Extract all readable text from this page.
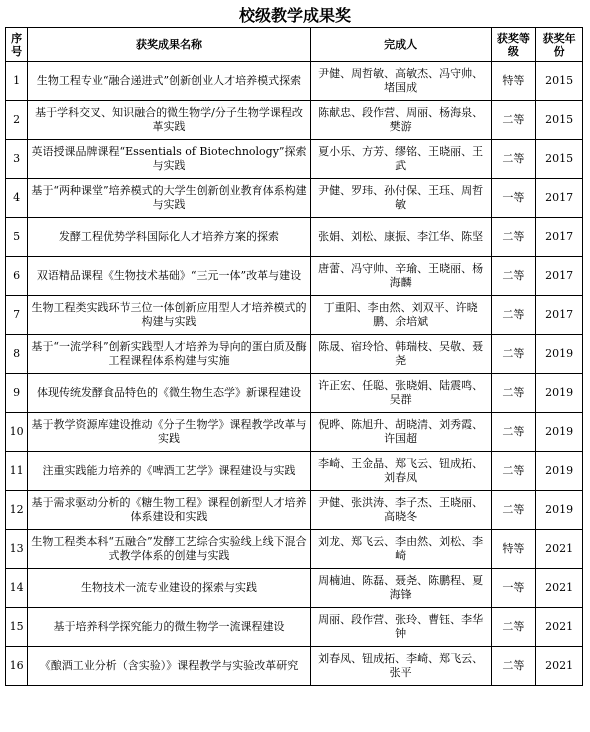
校级教学成果奖
序号	获奖成果名称	完成人	获奖等级	获奖年份
1	生物工程专业“融合递进式”创新创业人才培养模式探索	尹健、周哲敏、高敏杰、冯守帅、堵国成	特等	2015
2	基于学科交叉、知识融合的微生物学/分子生物学课程改革实践	陈献忠、段作营、周丽、杨海泉、樊游	二等	2015
3	英语授课品牌课程“Essentials of Biotechnology”探索与实践	夏小乐、方芳、缪铭、王晓丽、王武	二等	2015
4	基于“两种课堂”培养模式的大学生创新创业教育体系构建与实践	尹健、罗玮、孙付保、王珏、周哲敏	一等	2017
5	发酵工程优势学科国际化人才培养方案的探索	张娟、刘松、康振、李江华、陈坚	二等	2017
6	双语精品课程《生物技术基础》“三元一体”改革与建设	唐蕾、冯守帅、辛瑜、王晓丽、杨海麟	二等	2017
7	生物工程类实践环节三位一体创新应用型人才培养模式的构建与实践	丁重阳、李由然、刘双平、许晓鹏、余培斌	二等	2017
8	基于“一流学科”创新实践型人才培养为导向的蛋白质及酶工程课程体系构建与实施	陈晟、宿玲恰、韩瑞枝、吴敬、聂尧	二等	2019
9	体现传统发酵食品特色的《微生物生态学》新课程建设	许正宏、任聪、张晓娟、陆震鸣、吴群	二等	2019
10	基于教学资源库建设推动《分子生物学》课程教学改革与实践	倪晔、陈旭升、胡晓清、刘秀霞、许国超	二等	2019
11	注重实践能力培养的《啤酒工艺学》课程建设与实践	李崎、王金晶、郑飞云、钮成拓、刘春凤	二等	2019
12	基于需求驱动分析的《糖生物工程》课程创新型人才培养体系建设和实践	尹健、张洪涛、李子杰、王晓丽、高晓冬	二等	2019
13	生物工程类本科“五融合”发酵工艺综合实验线上线下混合式教学体系的创建与实践	刘龙、郑飞云、李由然、刘松、李崎	特等	2021
14	生物技术一流专业建设的探索与实践	周楠迪、陈磊、聂尧、陈鹏程、夏海锋	一等	2021
15	基于培养科学探究能力的微生物学一流课程建设	周丽、段作营、张玲、曹钰、李华钟	二等	2021
16	《酿酒工业分析（含实验）》课程教学与实验改革研究	刘春凤、钮成拓、李崎、郑飞云、张平	二等	2021
